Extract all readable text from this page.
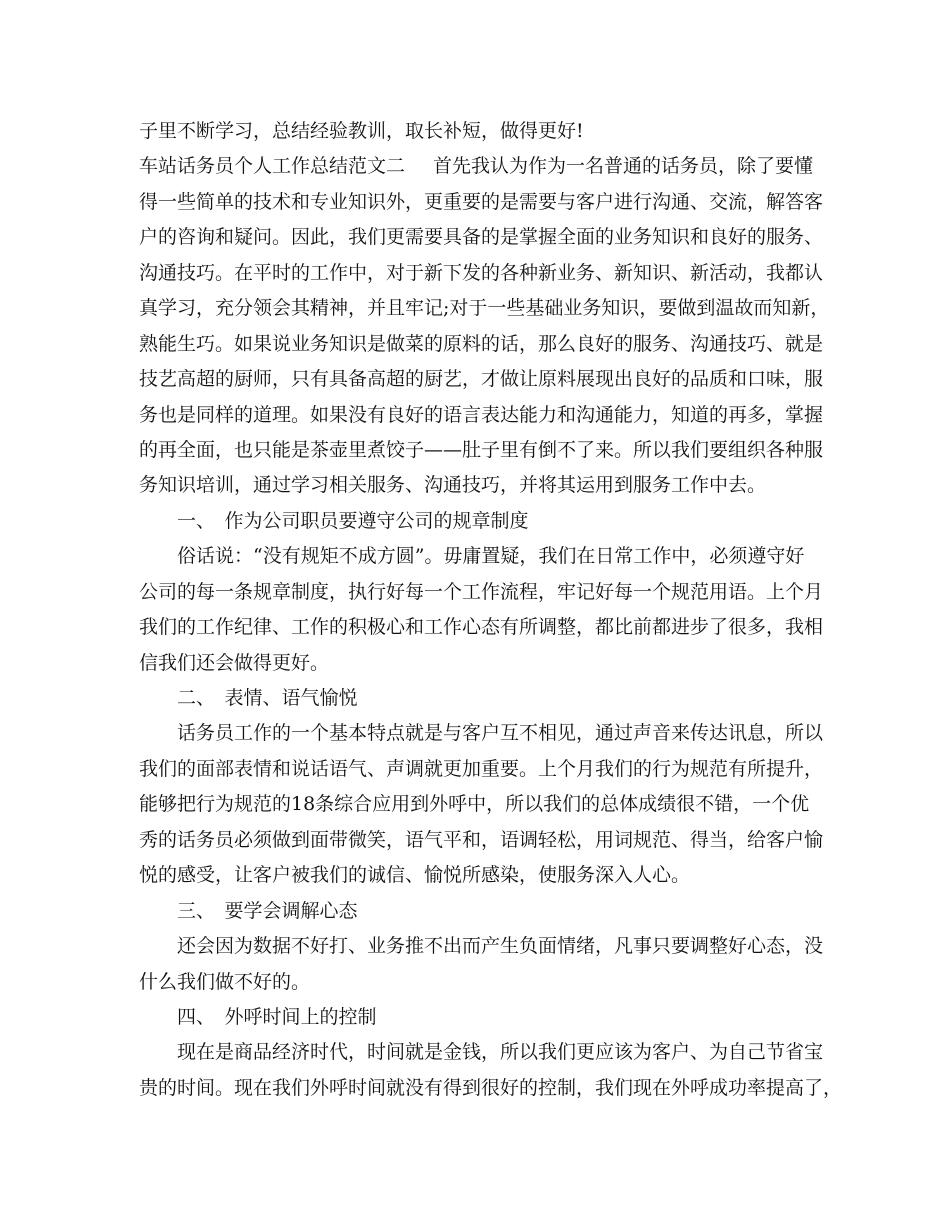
子里不断学习，总结经验教训，取长补短，做得更好!
车站话务员个人工作总结范文二 首先我认为作为一名普通的话务员，除了要懂
得一些简单的技术和专业知识外，更重要的是需要与客户进行沟通、交流，解答客
户的咨询和疑问。因此，我们更需要具备的是掌握全面的业务知识和良好的服务、
沟通技巧。在平时的工作中，对于新下发的各种新业务、新知识、新活动，我都认
真学习，充分领会其精神，并且牢记;对于一些基础业务知识，要做到温故而知新，
熟能生巧。如果说业务知识是做菜的原料的话，那么良好的服务、沟通技巧、就是
技艺高超的厨师，只有具备高超的厨艺，才做让原料展现出良好的品质和口味，服
务也是同样的道理。如果没有良好的语言表达能力和沟通能力，知道的再多，掌握
的再全面，也只能是茶壶里煮饺子——肚子里有倒不了来。所以我们要组织各种服
务知识培训，通过学习相关服务、沟通技巧，并将其运用到服务工作中去。
一、　作为公司职员要遵守公司的规章制度
俗话说：“没有规矩不成方圆”。毋庸置疑，我们在日常工作中，必须遵守好
公司的每一条规章制度，执行好每一个工作流程，牢记好每一个规范用语。上个月
我们的工作纪律、工作的积极心和工作心态有所调整，都比前都进步了很多，我相
信我们还会做得更好。
二、　表情、语气愉悦
话务员工作的一个基本特点就是与客户互不相见，通过声音来传达讯息，所以
我们的面部表情和说话语气、声调就更加重要。上个月我们的行为规范有所提升，
能够把行为规范的18条综合应用到外呼中，所以我们的总体成绩很不错，一个优
秀的话务员必须做到面带微笑，语气平和，语调轻松，用词规范、得当，给客户愉
悦的感受，让客户被我们的诚信、愉悦所感染，使服务深入人心。
三、　要学会调解心态
还会因为数据不好打、业务推不出而产生负面情绪，凡事只要调整好心态，没
什么我们做不好的。
四、　外呼时间上的控制
现在是商品经济时代，时间就是金钱，所以我们更应该为客户、为自己节省宝
贵的时间。现在我们外呼时间就没有得到很好的控制，我们现在外呼成功率提高了，
